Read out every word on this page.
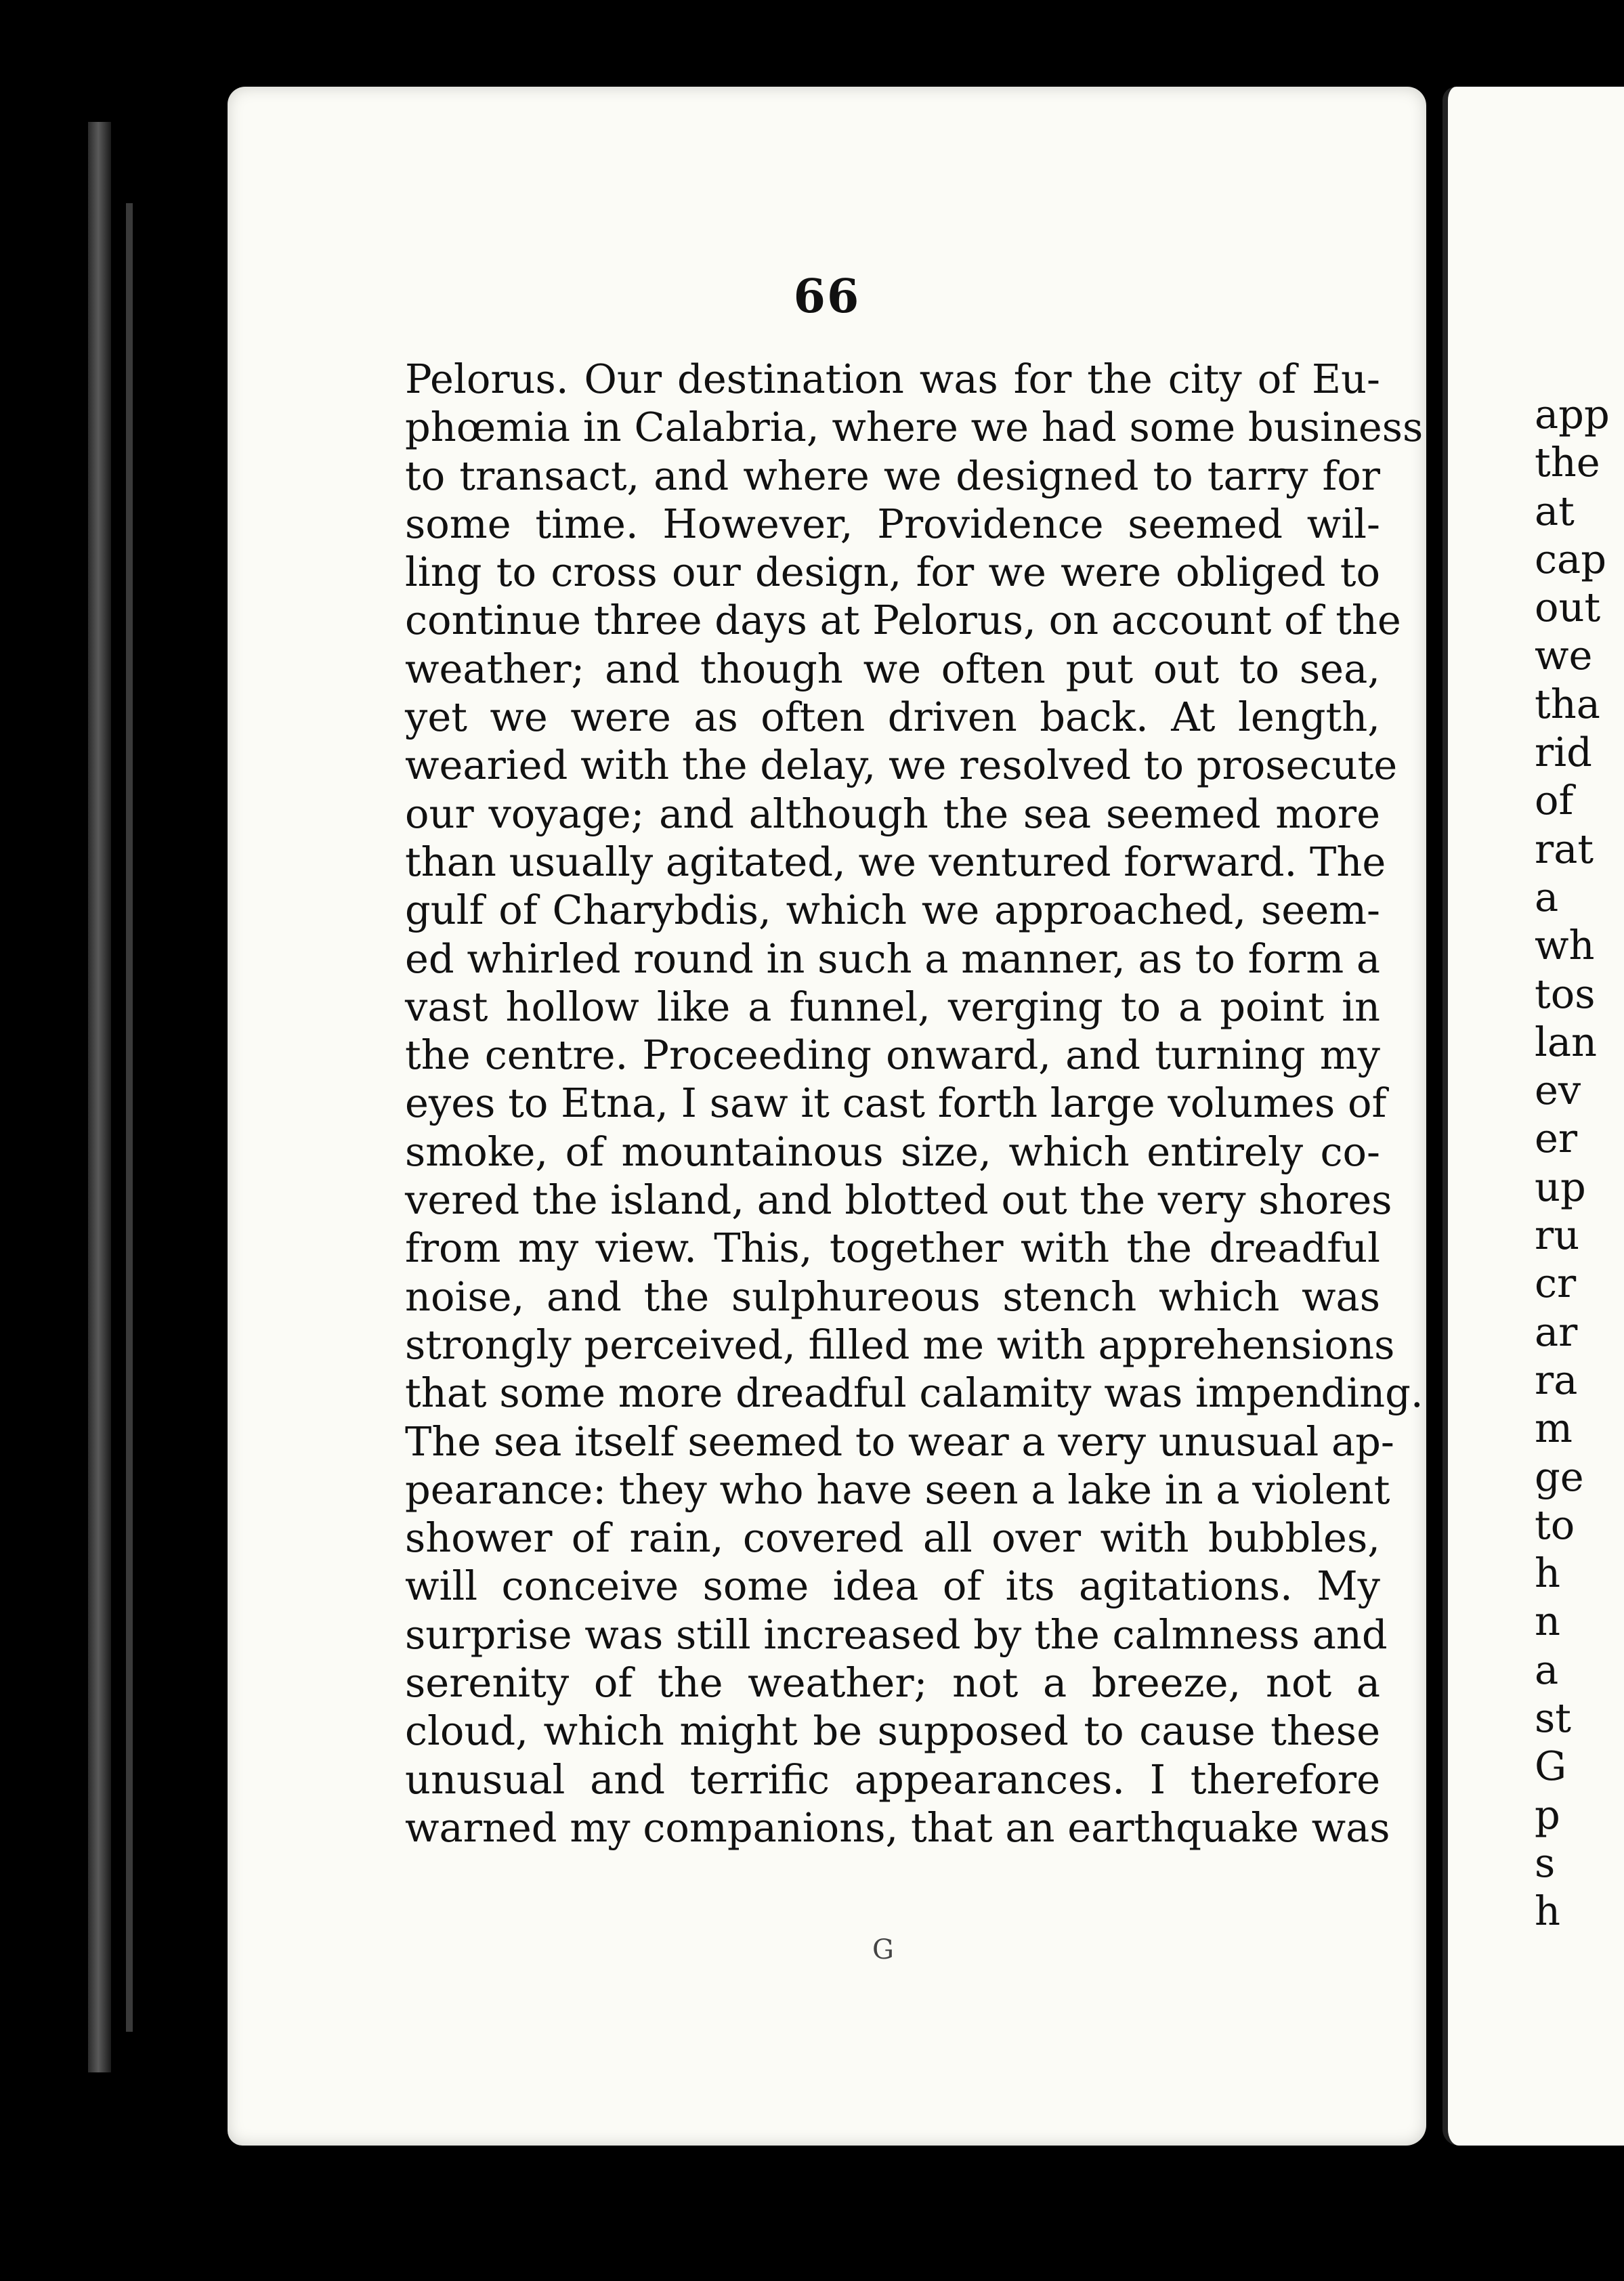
66
Pelorus. Our destination was for the city of Eu-
phœmia in Calabria, where we had some business
to transact, and where we designed to tarry for
some time. However, Providence seemed wil-
ling to cross our design, for we were obliged to
continue three days at Pelorus, on account of the
weather; and though we often put out to sea,
yet we were as often driven back. At length,
wearied with the delay, we resolved to prosecute
our voyage; and although the sea seemed more
than usually agitated, we ventured forward. The
gulf of Charybdis, which we approached, seem-
ed whirled round in such a manner, as to form a
vast hollow like a funnel, verging to a point in
the centre. Proceeding onward, and turning my
eyes to Etna, I saw it cast forth large volumes of
smoke, of mountainous size, which entirely co-
vered the island, and blotted out the very shores
from my view. This, together with the dreadful
noise, and the sulphureous stench which was
strongly perceived, filled me with apprehensions
that some more dreadful calamity was impending.
The sea itself seemed to wear a very unusual ap-
pearance: they who have seen a lake in a violent
shower of rain, covered all over with bubbles,
will conceive some idea of its agitations. My
surprise was still increased by the calmness and
serenity of the weather; not a breeze, not a
cloud, which might be supposed to cause these
unusual and terrific appearances. I therefore
warned my companions, that an earthquake was
G
app
the
at
cap
out
we
tha
rid
of
rat
a
wh
tos
lan
ev
er
up
ru
cr
ar
ra
m
ge
to
h
n
a
st
G
p
s
h
